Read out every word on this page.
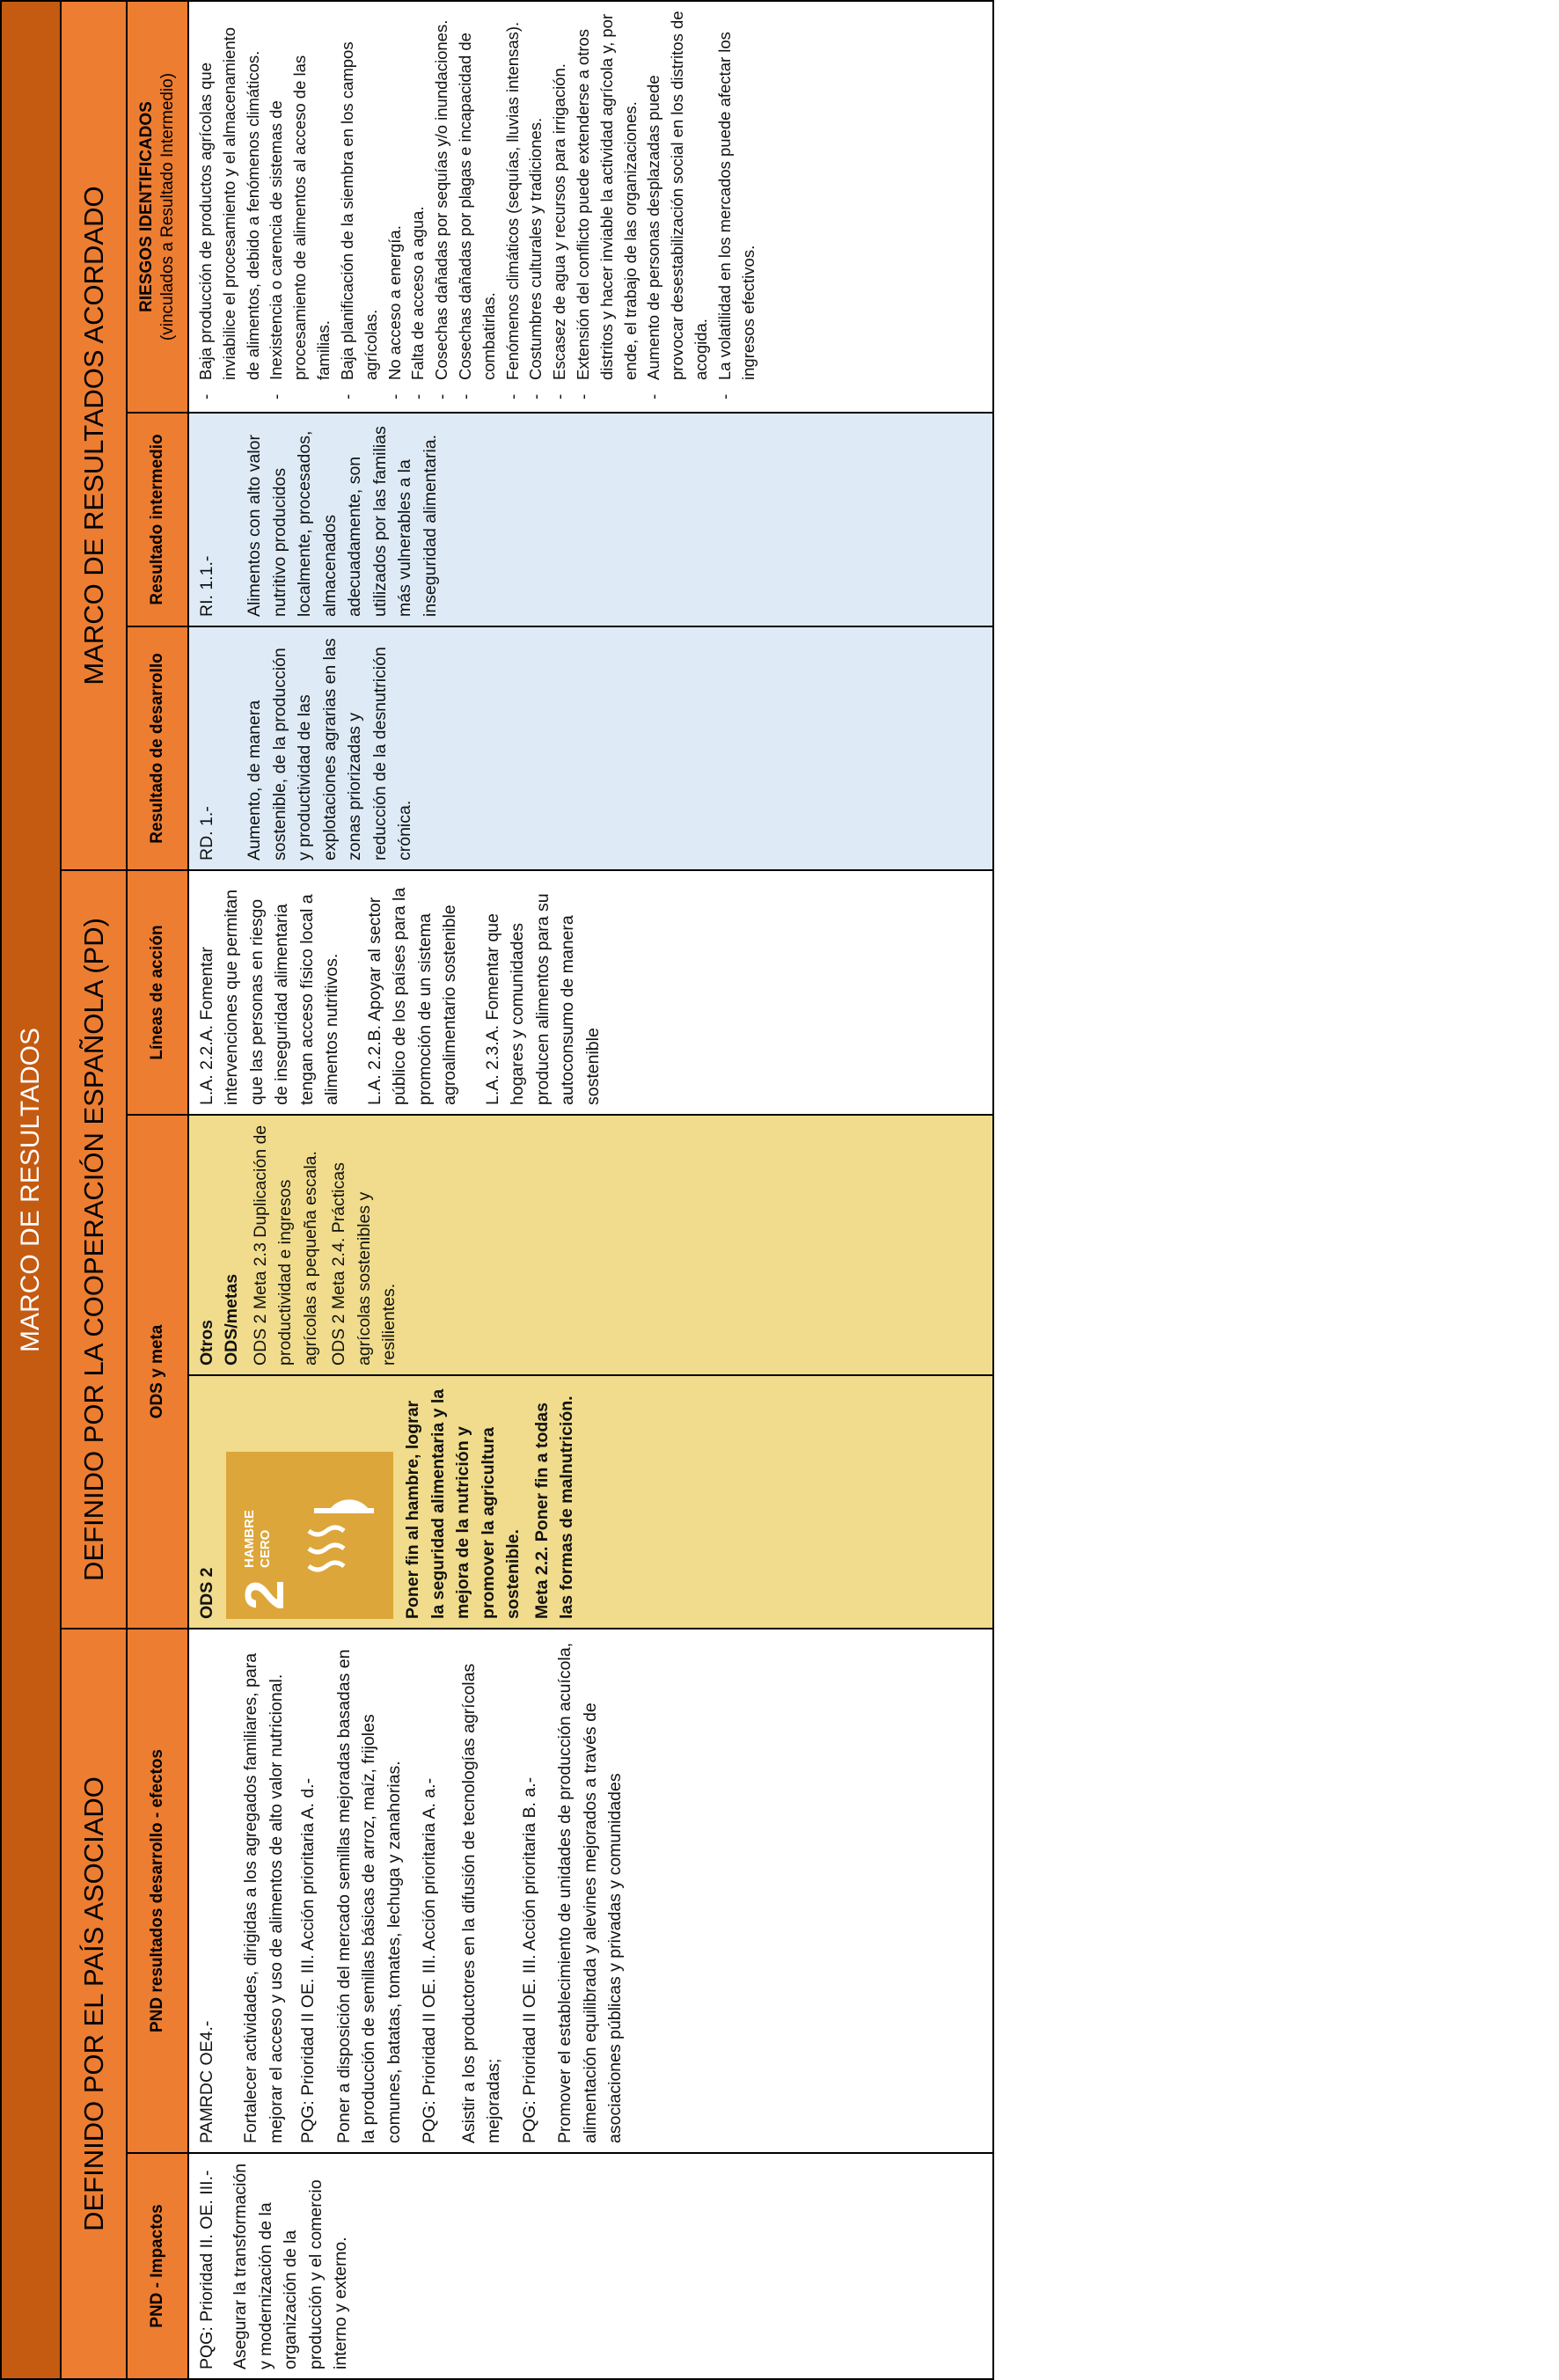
MARCO DE RESULTADOS
DEFINIDO POR EL PAÍS ASOCIADO
DEFINIDO POR LA COOPERACIÓN ESPAÑOLA (PD)
MARCO DE RESULTADOS ACORDADO
PND - Impactos
PND resultados desarrollo - efectos
ODS y meta
Líneas de acción
Resultado de desarrollo
Resultado intermedio
RIESGOS IDENTIFICADOS (vinculados a Resultado Intermedio)

PQG: Prioridad II. OE. III.- Asegurar la transformación y modernización de la organización de la producción y el comercio interno y externo.

PAMRDC OE4.- Fortalecer actividades, dirigidas a los agregados familiares, para mejorar el acceso y uso de alimentos de alto valor nutricional. PQG: Prioridad II OE. III. Acción prioritaria A. d.- Poner a disposición del mercado semillas mejoradas basadas en la producción de semillas básicas de arroz, maíz, frijoles comunes, batatas, tomates, lechuga y zanahorias. PQG: Prioridad II OE. III. Acción prioritaria A. a.- Asistir a los productores en la difusión de tecnologías agrícolas mejoradas; PQG: Prioridad II OE. III. Acción prioritaria B. a.- Promover el establecimiento de unidades de producción acuícola, alimentación equilibrada y alevines mejorados a través de asociaciones públicas y privadas y comunidades

ODS 2 2
HAMBRE CERO	Poner fin al hambre, lograr la seguridad alimentaria y la mejora de la nutrición y promover la agricultura sostenible. Meta 2.2. Poner fin a todas las formas de malnutrición.

Otros ODS/metas ODS 2 Meta 2.3 Duplicación de productividad e ingresos agrícolas a pequeña escala. ODS 2 Meta 2.4. Prácticas agrícolas sostenibles y resilientes.

L.A. 2.2.A. Fomentar intervenciones que permitan que las personas en riesgo de inseguridad alimentaria tengan acceso físico local a alimentos nutritivos. L.A. 2.2.B. Apoyar al sector público de los países para la promoción de un sistema agroalimentario sostenible L.A. 2.3.A. Fomentar que hogares y comunidades producen alimentos para su autoconsumo de manera sostenible

RD. 1.- Aumento, de manera sostenible, de la producción y productividad de las explotaciones agrarias en las zonas priorizadas y reducción de la desnutrición crónica.

RI. 1.1.- Alimentos con alto valor nutritivo producidos localmente, procesados, almacenados adecuadamente, son utilizados por las familias más vulnerables a la inseguridad alimentaria.

- Baja producción de productos agrícolas que inviabilice el procesamiento y el almacenamiento de alimentos, debido a fenómenos climáticos. - Inexistencia o carencia de sistemas de procesamiento de alimentos al acceso de las familias. - Baja planificación de la siembra en los campos agrícolas. - No acceso a energía. - Falta de acceso a agua. - Cosechas dañadas por sequías y/o inundaciones. - Cosechas dañadas por plagas e incapacidad de combatirlas. - Fenómenos climáticos (sequías, lluvias intensas). - Costumbres culturales y tradiciones. - Escasez de agua y recursos para irrigación. - Extensión del conflicto puede extenderse a otros distritos y hacer inviable la actividad agrícola y, por ende, el trabajo de las organizaciones. - Aumento de personas desplazadas puede provocar desestabilización social en los distritos de acogida. - La volatilidad en los mercados puede afectar los ingresos efectivos.
